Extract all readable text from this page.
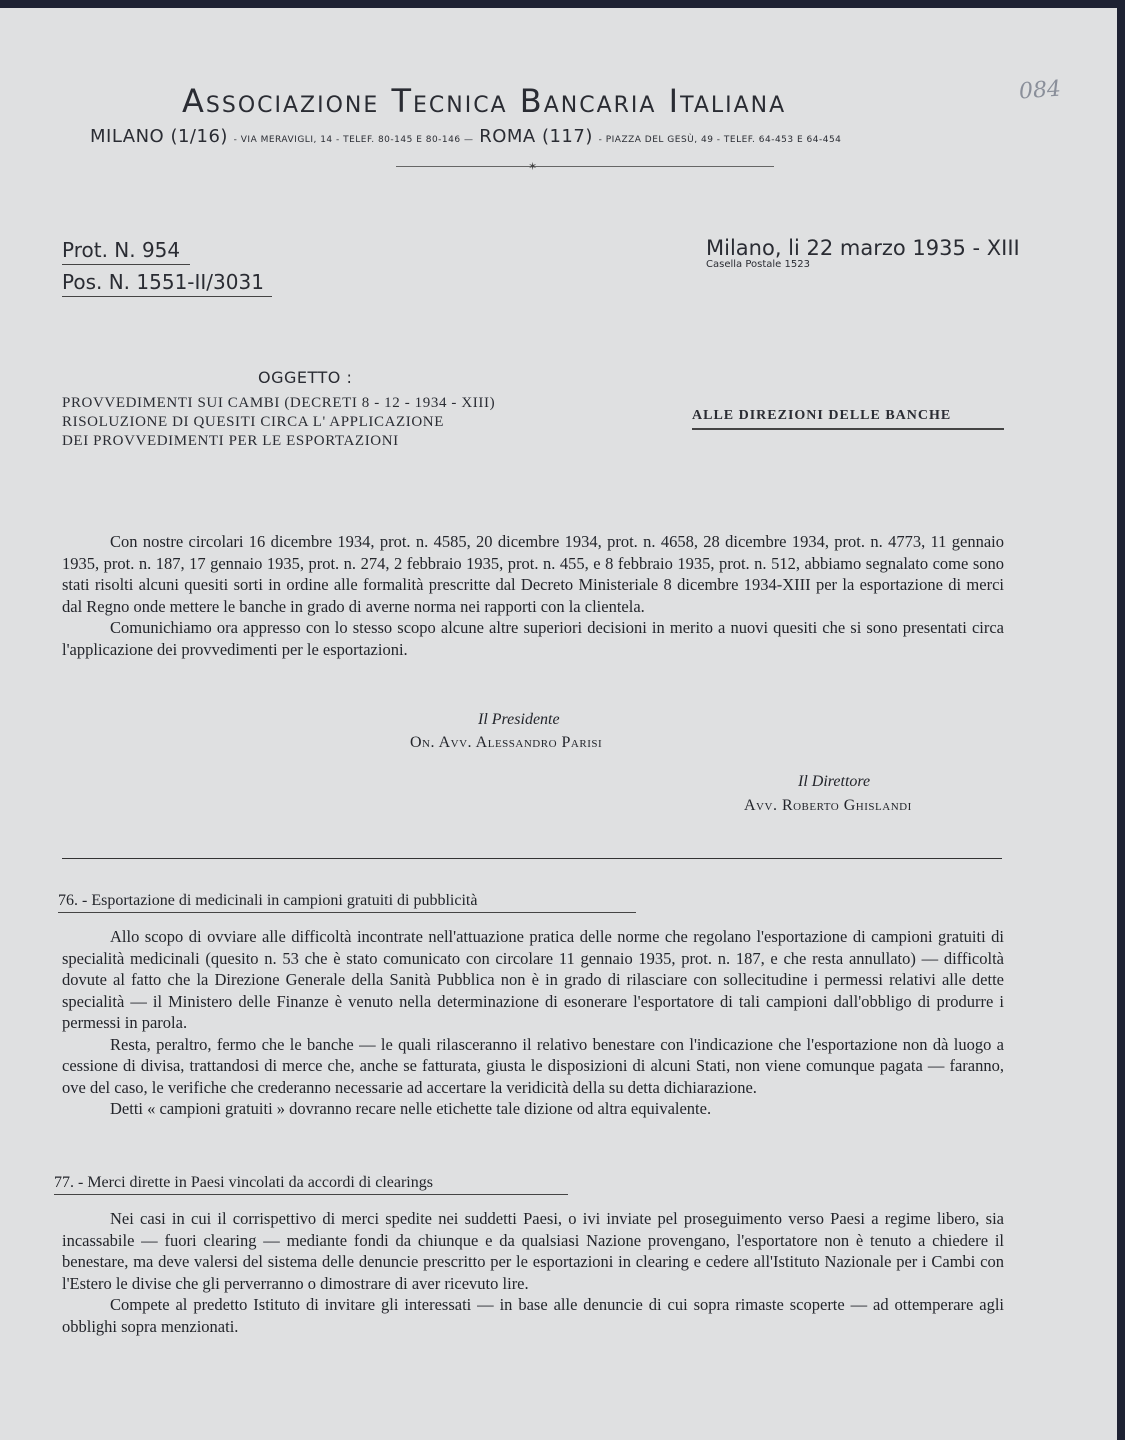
084
Associazione Tecnica Bancaria Italiana
MILANO (1/16) - VIA MERAVIGLI, 14 - TELEF. 80-145 E 80-146 — ROMA (117) - PIAZZA DEL GESÙ, 49 - TELEF. 64-453 E 64-454
✶
Prot. N. 954
Pos. N. 1551-II/3031
Milano, li 22 marzo 1935 - XIII
Casella Postale 1523
OGGETTO :
PROVVEDIMENTI SUI CAMBI (DECRETI 8 - 12 - 1934 - XIII)
RISOLUZIONE DI QUESITI CIRCA L' APPLICAZIONE
DEI PROVVEDIMENTI PER LE ESPORTAZIONI
ALLE DIREZIONI DELLE BANCHE

Con nostre circolari 16 dicembre 1934, prot. n. 4585, 20 dicembre 1934, prot. n. 4658, 28 dicembre 1934, prot. n. 4773, 11 gennaio 1935, prot. n. 187, 17 gennaio 1935, prot. n. 274, 2 febbraio 1935, prot. n. 455, e 8 febbraio 1935, prot. n. 512, abbiamo segnalato come sono stati risolti alcuni quesiti sorti in ordine alle formalità prescritte dal Decreto Ministeriale 8 dicembre 1934-XIII per la esportazione di merci dal Regno onde mettere le banche in grado di averne norma nei rapporti con la clientela.

Comunichiamo ora appresso con lo stesso scopo alcune altre superiori decisioni in merito a nuovi quesiti che si sono presentati circa l'applicazione dei provvedimenti per le esportazioni.

Il Presidente
On. Avv. Alessandro Parisi
Il Direttore
Avv. Roberto Ghislandi
76. - Esportazione di medicinali in campioni gratuiti di pubblicità

Allo scopo di ovviare alle difficoltà incontrate nell'attuazione pratica delle norme che regolano l'esportazione di campioni gratuiti di specialità medicinali (quesito n. 53 che è stato comunicato con circolare 11 gennaio 1935, prot. n. 187, e che resta annullato) — difficoltà dovute al fatto che la Direzione Generale della Sanità Pubblica non è in grado di rilasciare con sollecitudine i permessi relativi alle dette specialità — il Ministero delle Finanze è venuto nella determinazione di esonerare l'esportatore di tali campioni dall'obbligo di produrre i permessi in parola.

Resta, peraltro, fermo che le banche — le quali rilasceranno il relativo benestare con l'indicazione che l'esportazione non dà luogo a cessione di divisa, trattandosi di merce che, anche se fatturata, giusta le disposizioni di alcuni Stati, non viene comunque pagata — faranno, ove del caso, le verifiche che crederanno necessarie ad accertare la veridicità della su detta dichiarazione.

Detti « campioni gratuiti » dovranno recare nelle etichette tale dizione od altra equivalente.

77. - Merci dirette in Paesi vincolati da accordi di clearings

Nei casi in cui il corrispettivo di merci spedite nei suddetti Paesi, o ivi inviate pel proseguimento verso Paesi a regime libero, sia incassabile — fuori clearing — mediante fondi da chiunque e da qualsiasi Nazione provengano, l'esportatore non è tenuto a chiedere il benestare, ma deve valersi del sistema delle denuncie prescritto per le esportazioni in clearing e cedere all'Istituto Nazionale per i Cambi con l'Estero le divise che gli perverranno o dimostrare di aver ricevuto lire.

Compete al predetto Istituto di invitare gli interessati — in base alle denuncie di cui sopra rimaste scoperte — ad ottemperare agli obblighi sopra menzionati.
